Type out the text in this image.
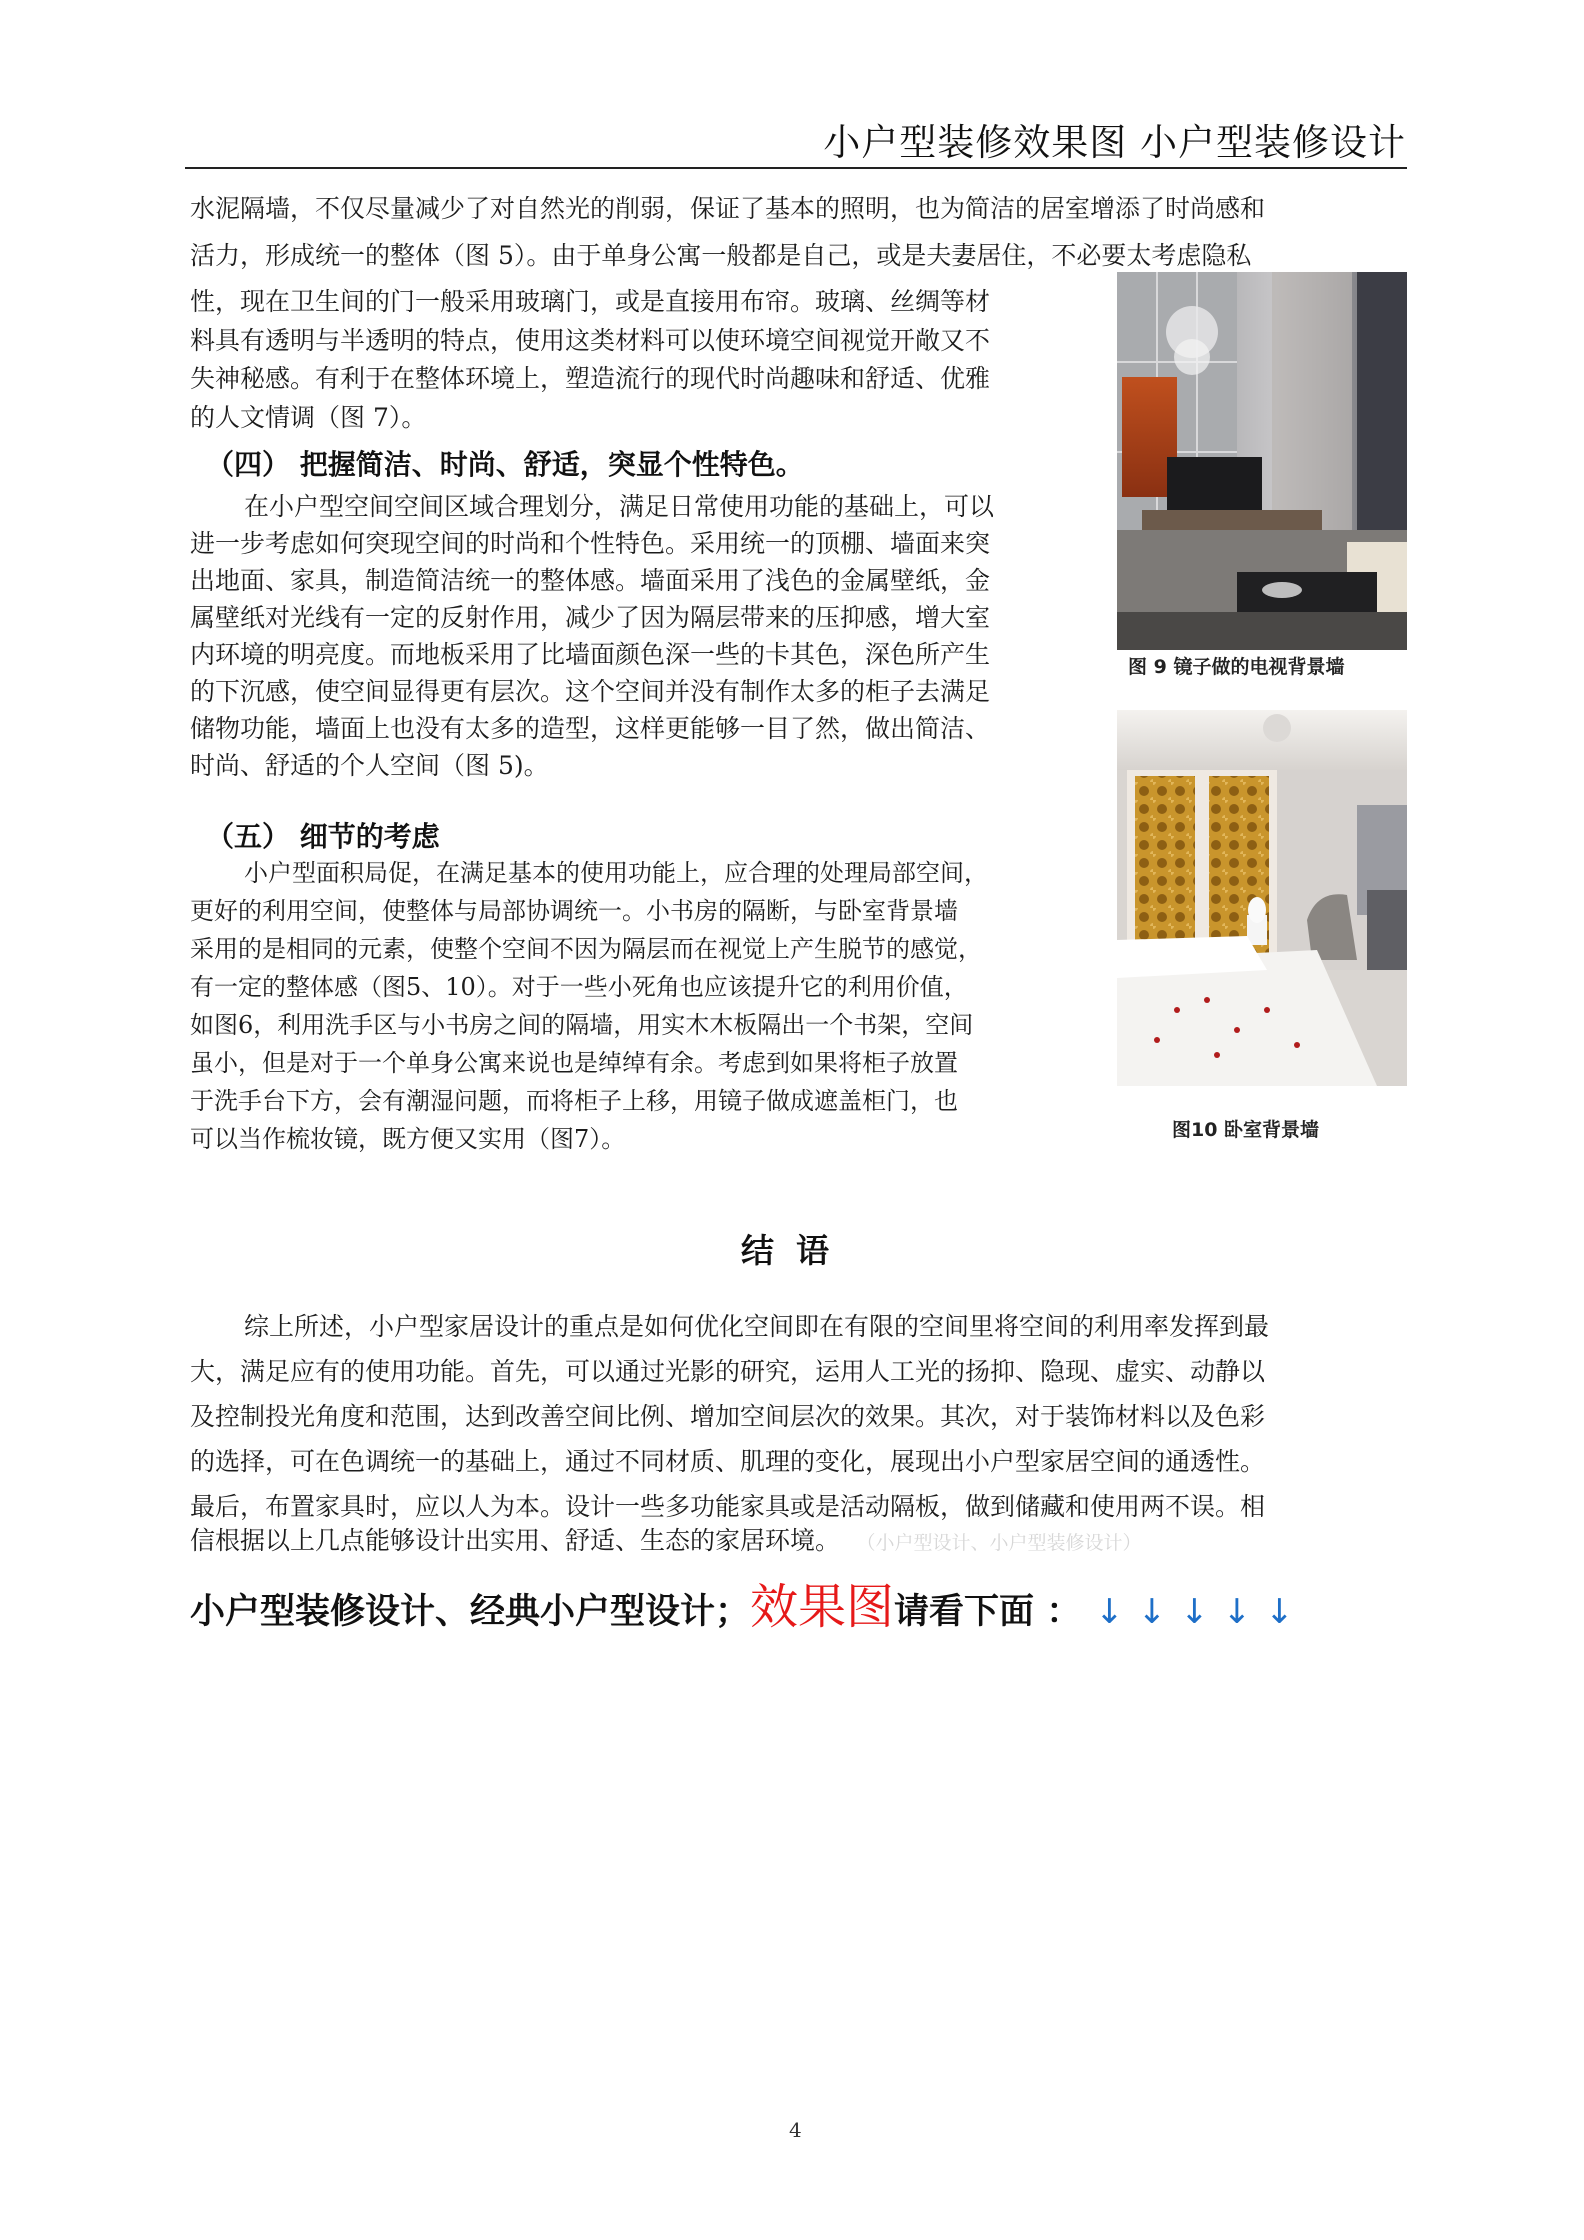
小户型装修效果图 小户型装修设计
水泥隔墙，不仅尽量减少了对自然光的削弱，保证了基本的照明，也为简洁的居室增添了时尚感和
活力，形成统一的整体（图 5）。由于单身公寓一般都是自己，或是夫妻居住，不必要太考虑隐私
性，现在卫生间的门一般采用玻璃门，或是直接用布帘。玻璃、丝绸等材
料具有透明与半透明的特点，使用这类材料可以使环境空间视觉开敞又不
失神秘感。有利于在整体环境上，塑造流行的现代时尚趣味和舒适、优雅
的人文情调（图 7）。
（四） 把握简洁、时尚、舒适，突显个性特色。
在小户型空间空间区域合理划分，满足日常使用功能的基础上，可以
进一步考虑如何突现空间的时尚和个性特色。采用统一的顶棚、墙面来突
出地面、家具，制造简洁统一的整体感。墙面采用了浅色的金属壁纸，金
属壁纸对光线有一定的反射作用，减少了因为隔层带来的压抑感，增大室
内环境的明亮度。而地板采用了比墙面颜色深一些的卡其色，深色所产生
的下沉感，使空间显得更有层次。这个空间并没有制作太多的柜子去满足
储物功能，墙面上也没有太多的造型，这样更能够一目了然，做出简洁、
时尚、舒适的个人空间（图 5)。
（五） 细节的考虑
小户型面积局促，在满足基本的使用功能上，应合理的处理局部空间，
更好的利用空间，使整体与局部协调统一。小书房的隔断，与卧室背景墙
采用的是相同的元素，使整个空间不因为隔层而在视觉上产生脱节的感觉，
有一定的整体感（图5、10）。对于一些小死角也应该提升它的利用价值，
如图6，利用洗手区与小书房之间的隔墙，用实木木板隔出一个书架，空间
虽小，但是对于一个单身公寓来说也是绰绰有余。考虑到如果将柜子放置
于洗手台下方，会有潮湿问题，而将柜子上移，用镜子做成遮盖柜门，也
可以当作梳妆镜，既方便又实用（图7）。
图 9 镜子做的电视背景墙
图10 卧室背景墙
结语
综上所述，小户型家居设计的重点是如何优化空间即在有限的空间里将空间的利用率发挥到最
大，满足应有的使用功能。首先，可以通过光影的研究，运用人工光的扬抑、隐现、虚实、动静以
及控制投光角度和范围，达到改善空间比例、增加空间层次的效果。其次，对于装饰材料以及色彩
的选择，可在色调统一的基础上，通过不同材质、肌理的变化，展现出小户型家居空间的通透性。
最后，布置家具时，应以人为本。设计一些多功能家具或是活动隔板，做到储藏和使用两不误。相
信根据以上几点能够设计出实用、舒适、生态的家居环境。 （小户型设计、小户型装修设计）
小户型装修设计、经典小户型设计；效果图请看下面 ： ↓ ↓ ↓ ↓ ↓
4
